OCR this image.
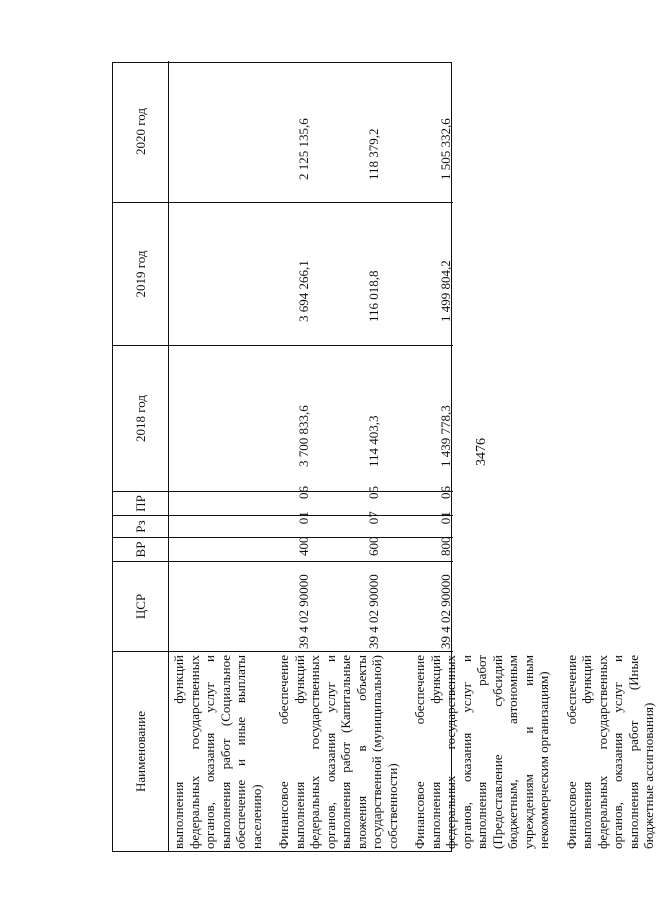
3476
Наименование
ЦСР
ВР
Рз
ПР
2018 год
2019 год
2020 год
выполнения функций федеральных государственных органов, оказания услуг и выполнения работ (Социальное обеспечение и иные выплаты населению) Финансовое обеспечение выполнения функций федеральных государственных органов, оказания услуг и выполнения работ (Капитальные вложения в объекты государственной (муниципальной) собственности) Финансовое обеспечение выполнения функций федеральных государственных органов, оказания услуг и выполнения работ (Предоставление субсидий бюджетным, автономным учреждениям и иным некоммерческим организациям) Финансовое обеспечение выполнения функций федеральных государственных органов, оказания услуг и выполнения работ (Иные бюджетные ассигнования)
39 4 02 90000
400 01 06
3 700 833,6
3 694 266,1
2 125 135,6
39 4 02 90000
600 07 05
114 403,3
116 018,8
118 379,2
39 4 02 90000
800 01 06
1 439 778,3
1 499 804,2
1 505 332,6
